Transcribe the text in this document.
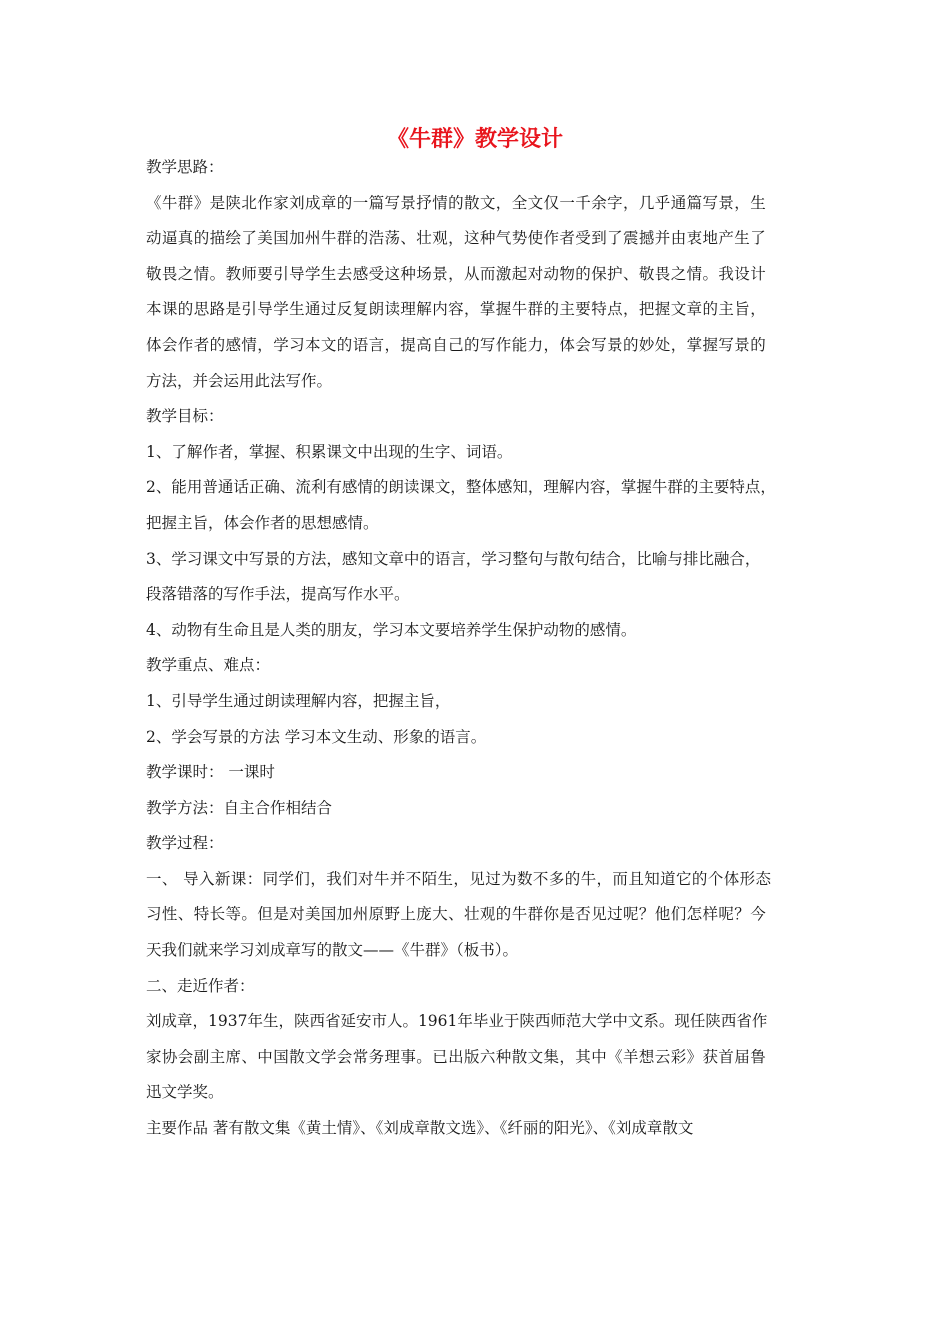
《牛群》教学设计
教学思路：
《牛群》是陕北作家刘成章的一篇写景抒情的散文，全文仅一千余字，几乎通篇写景，生
动逼真的描绘了美国加州牛群的浩荡、壮观，这种气势使作者受到了震撼并由衷地产生了
敬畏之情。教师要引导学生去感受这种场景，从而激起对动物的保护、敬畏之情。我设计
本课的思路是引导学生通过反复朗读理解内容，掌握牛群的主要特点，把握文章的主旨，
体会作者的感情，学习本文的语言，提高自己的写作能力，体会写景的妙处，掌握写景的
方法，并会运用此法写作。
教学目标：
1、了解作者，掌握、积累课文中出现的生字、词语。
2、能用普通话正确、流利有感情的朗读课文，整体感知，理解内容，掌握牛群的主要特点，
把握主旨，体会作者的思想感情。
3、学习课文中写景的方法，感知文章中的语言，学习整句与散句结合，比喻与排比融合，
段落错落的写作手法，提高写作水平。
4、动物有生命且是人类的朋友，学习本文要培养学生保护动物的感情。
教学重点、难点：
1、引导学生通过朗读理解内容，把握主旨，
2、学会写景的方法 学习本文生动、形象的语言。
教学课时： 一课时
教学方法：自主合作相结合
教学过程：
一、 导入新课：同学们，我们对牛并不陌生，见过为数不多的牛，而且知道它的个体形态
习性、特长等。但是对美国加州原野上庞大、壮观的牛群你是否见过呢？他们怎样呢？今
天我们就来学习刘成章写的散文——《牛群》（板书）。
二、走近作者：
刘成章，1937年生，陕西省延安市人。1961年毕业于陕西师范大学中文系。现任陕西省作
家协会副主席、中国散文学会常务理事。已出版六种散文集，其中《羊想云彩》获首届鲁
迅文学奖。
主要作品 著有散文集《黄土情》、《刘成章散文选》、《纤丽的阳光》、《刘成章散文
